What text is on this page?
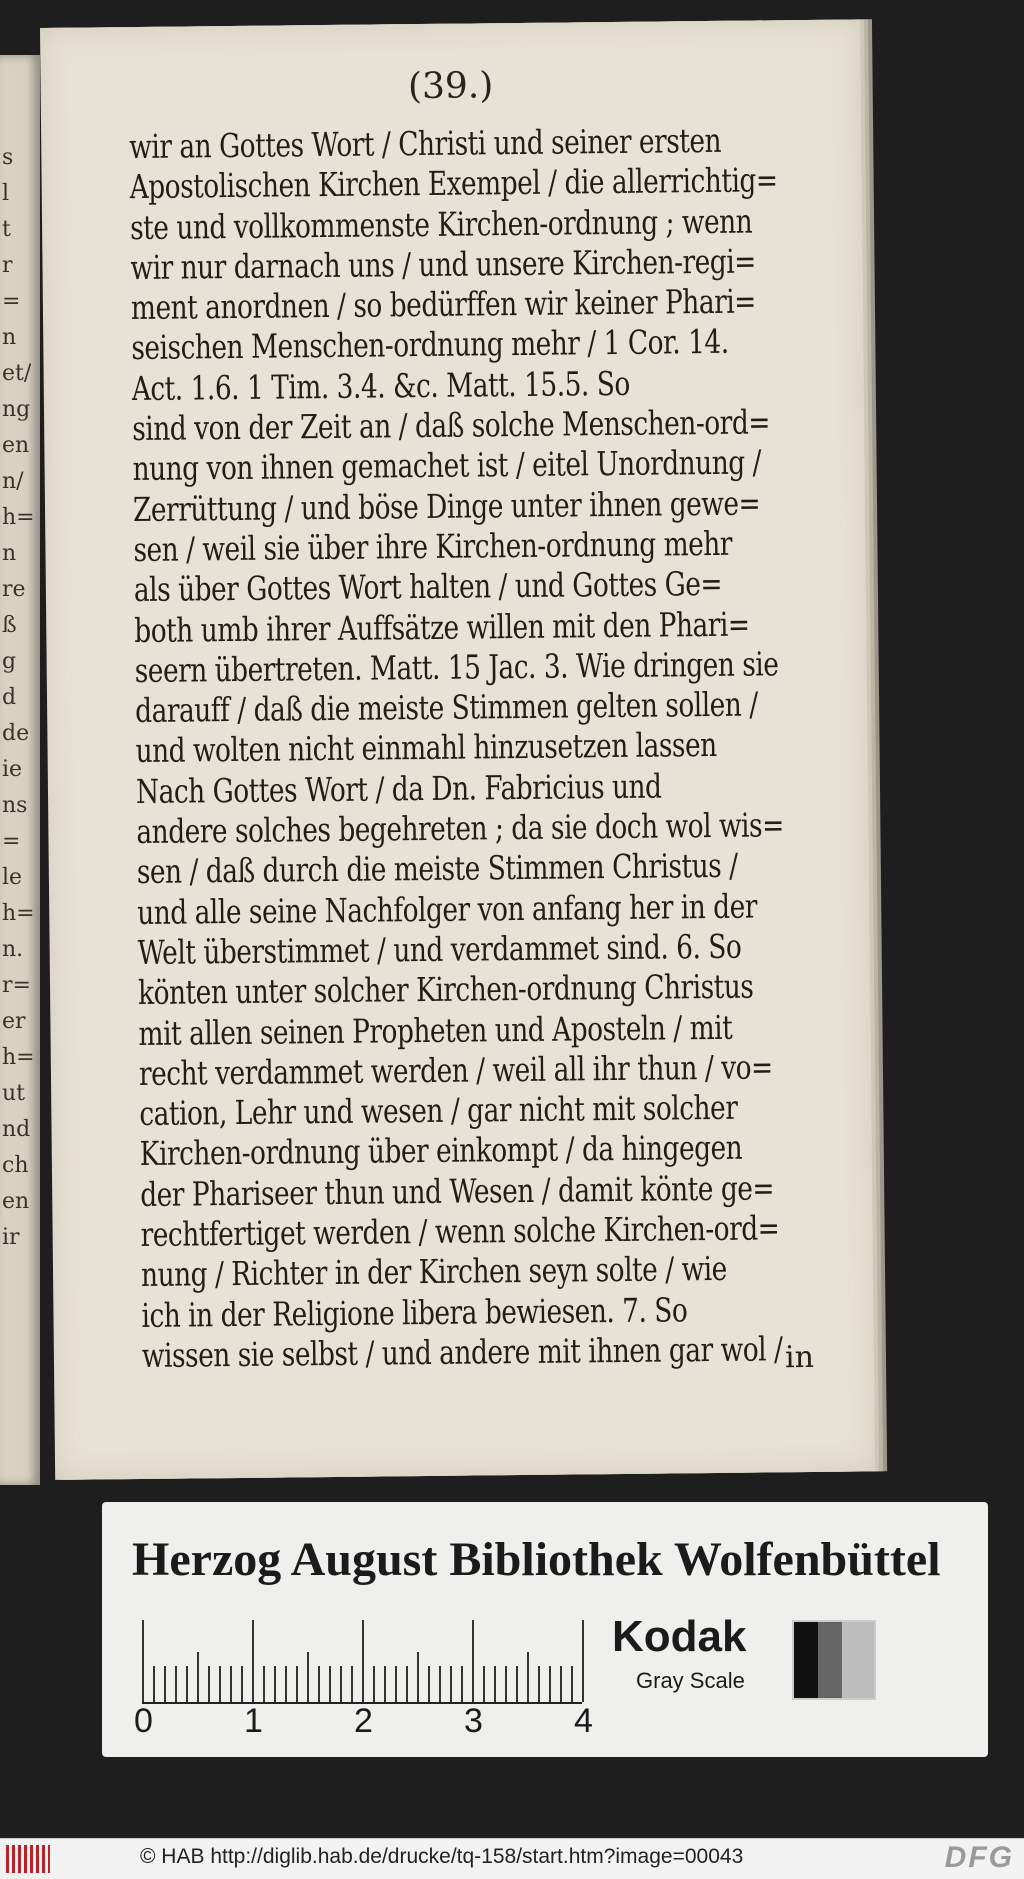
s
l
t
r
=
n
et/
ng
en
n/
h=
n
re
ß
g
d
de
ie
ns
=
le
h=
n.
r=
er
h=
ut
nd
ch
en
ir
(39.)
wir an Gottes Wort / Christi und seiner ersten
Apostolischen Kirchen Exempel / die allerrichtig=
ste und vollkommenste Kirchen-ordnung ; wenn
wir nur darnach uns / und unsere Kirchen-regi=
ment anordnen / so bedürffen wir keiner Phari=
seischen Menschen-ordnung mehr / 1 Cor. 14.
Act. 1.6. 1 Tim. 3.4. &c. Matt. 15.5. So
sind von der Zeit an / daß solche Menschen-ord=
nung von ihnen gemachet ist / eitel Unordnung /
Zerrüttung / und böse Dinge unter ihnen gewe=
sen / weil sie über ihre Kirchen-ordnung mehr
als über Gottes Wort halten / und Gottes Ge=
both umb ihrer Auffsätze willen mit den Phari=
seern übertreten. Matt. 15 Jac. 3. Wie dringen sie
darauff / daß die meiste Stimmen gelten sollen /
und wolten nicht einmahl hinzusetzen lassen
Nach Gottes Wort / da Dn. Fabricius und
andere solches begehreten ; da sie doch wol wis=
sen / daß durch die meiste Stimmen Christus /
und alle seine Nachfolger von anfang her in der
Welt überstimmet / und verdammet sind. 6. So
könten unter solcher Kirchen-ordnung Christus
mit allen seinen Propheten und Aposteln / mit
recht verdammet werden / weil all ihr thun / vo=
cation, Lehr und wesen / gar nicht mit solcher
Kirchen-ordnung über einkompt / da hingegen
der Phariseer thun und Wesen / damit könte ge=
rechtfertiget werden / wenn solche Kirchen-ord=
nung / Richter in der Kirchen seyn solte / wie
ich in der Religione libera bewiesen. 7. So
wissen sie selbst / und andere mit ihnen gar wol / in
Herzog August Bibliothek Wolfenbüttel
0	1	2	3	4
Kodak
Gray Scale
© HAB http://diglib.hab.de/drucke/tq-158/start.htm?image=00043	DFG
